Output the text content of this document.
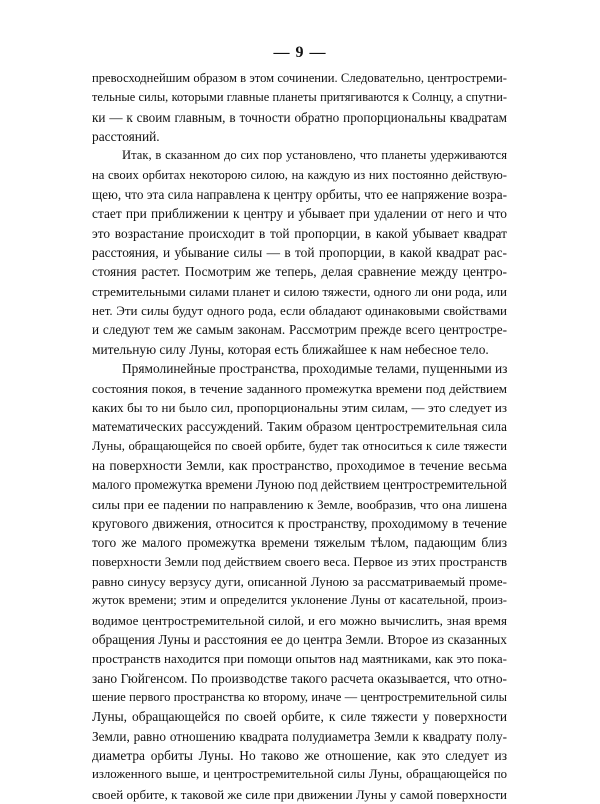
— 9 —
превосходнейшим образом в этом сочинении. Следовательно, центростреми-
тельные силы, которыми главные планеты притягиваются к Солнцу, а спутни-
ки — к своим главным, в точности обратно пропорциональны квадратам
расстояний.
Итак, в сказанном до сих пор установлено, что планеты удерживаются
на своих орбитах некоторою силою, на каждую из них постоянно действую-
щею, что эта сила направлена к центру орбиты, что ее напряжение возра-
стает при приближении к центру и убывает при удалении от него и что
это возрастание происходит в той пропорции, в какой убывает квадрат
расстояния, и убывание силы — в той пропорции, в какой квадрат рас-
стояния растет. Посмотрим же теперь, делая сравнение между центро-
стремительными силами планет и силою тяжести, одного ли они рода, или
нет. Эти силы будут одного рода, если обладают одинаковыми свойствами
и следуют тем же самым законам. Рассмотрим прежде всего центростре-
мительную силу Луны, которая есть ближайшее к нам небесное тело.
Прямолинейные пространства, проходимые телами, пущенными из
состояния покоя, в течение заданного промежутка времени под действием
каких бы то ни было сил, пропорциональны этим силам, — это следует из
математических рассуждений. Таким образом центростремительная сила
Луны, обращающейся по своей орбите, будет так относиться к силе тяжести
на поверхности Земли, как пространство, проходимое в течение весьма
малого промежутка времени Луною под действием центростремительной
силы при ее падении по направлению к Земле, вообразив, что она лишена
кругового движения, относится к пространству, проходимому в течение
того же малого промежутка времени тяжелым тѣлом, падающим близ
поверхности Земли под действием своего веса. Первое из этих пространств
равно синусу верзусу дуги, описанной Луною за рассматриваемый проме-
жуток времени; этим и определится уклонение Луны от касательной, произ-
водимое центростремительной силой, и его можно вычислить, зная время
обращения Луны и расстояния ее до центра Земли. Второе из сказанных
пространств находится при помощи опытов над маятниками, как это пока-
зано Гюйгенсом. По производстве такого расчета оказывается, что отно-
шение первого пространства ко второму, иначе — центростремительной силы
Луны, обращающейся по своей орбите, к силе тяжести у поверхности
Земли, равно отношению квадрата полудиаметра Земли к квадрату полу-
диаметра орбиты Луны. Но таково же отношение, как это следует из
изложенного выше, и центростремительной силы Луны, обращающейся по
своей орбите, к таковой же силе при движении Луны у самой поверхности
